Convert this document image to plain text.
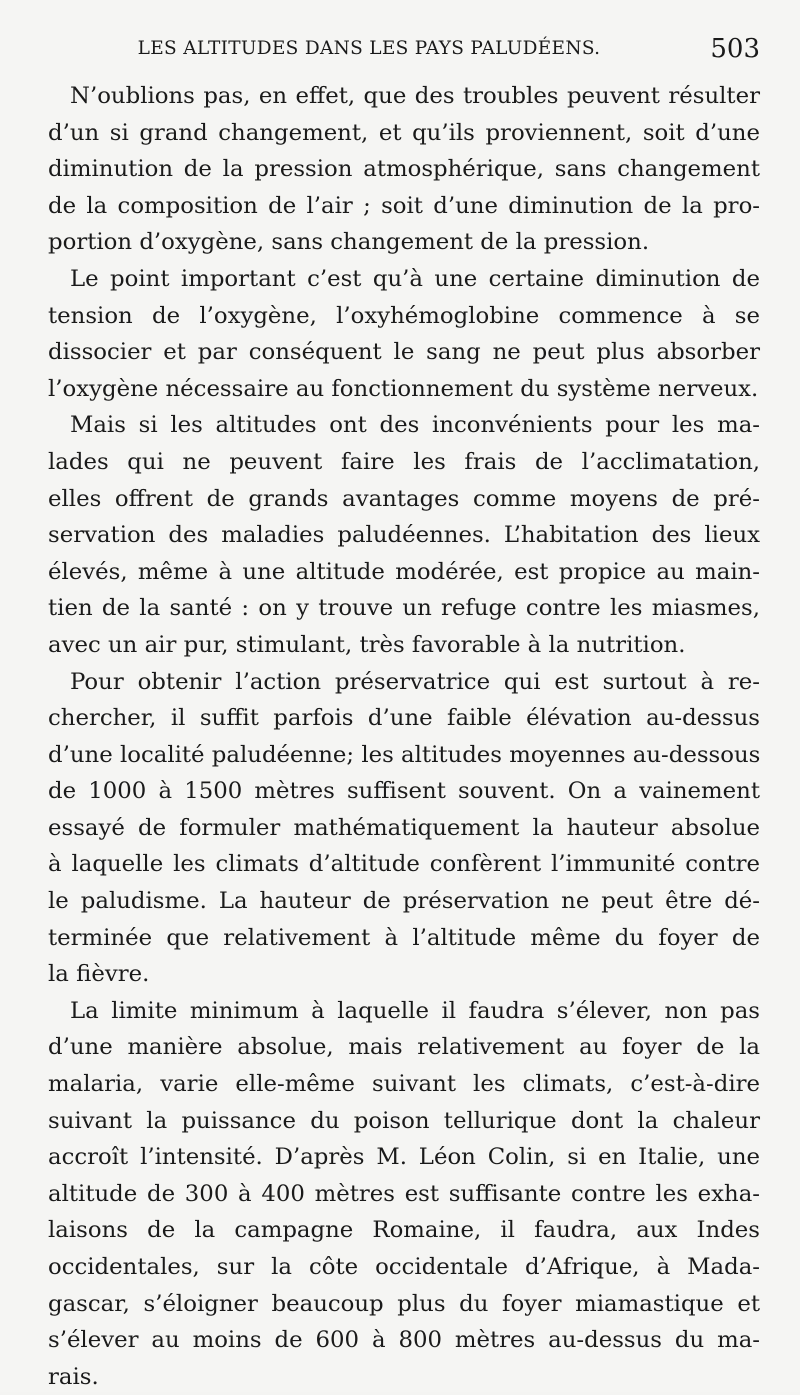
LES ALTITUDES DANS LES PAYS PALUDÉENS.	503
N’oublions pas, en effet, que des troubles peuvent résulter
d’un si grand changement, et qu’ils proviennent, soit d’une
diminution de la pression atmosphérique, sans changement
de la composition de l’air ; soit d’une diminution de la pro-
portion d’oxygène, sans changement de la pression.
Le point important c’est qu’à une certaine diminution de
tension de l’oxygène, l’oxyhémoglobine commence à se
dissocier et par conséquent le sang ne peut plus absorber
l’oxygène nécessaire au fonctionnement du système nerveux.
Mais si les altitudes ont des inconvénients pour les ma-
lades qui ne peuvent faire les frais de l’acclimatation,
elles offrent de grands avantages comme moyens de pré-
servation des maladies paludéennes. L’habitation des lieux
élevés, même à une altitude modérée, est propice au main-
tien de la santé : on y trouve un refuge contre les miasmes,
avec un air pur, stimulant, très favorable à la nutrition.
Pour obtenir l’action préservatrice qui est surtout à re-
chercher, il suffit parfois d’une faible élévation au-dessus
d’une localité paludéenne; les altitudes moyennes au-dessous
de 1000 à 1500 mètres suffisent souvent. On a vainement
essayé de formuler mathématiquement la hauteur absolue
à laquelle les climats d’altitude confèrent l’immunité contre
le paludisme. La hauteur de préservation ne peut être dé-
terminée que relativement à l’altitude même du foyer de
la fièvre.
La limite minimum à laquelle il faudra s’élever, non pas
d’une manière absolue, mais relativement au foyer de la
malaria, varie elle-même suivant les climats, c’est-à-dire
suivant la puissance du poison tellurique dont la chaleur
accroît l’intensité. D’après M. Léon Colin, si en Italie, une
altitude de 300 à 400 mètres est suffisante contre les exha-
laisons de la campagne Romaine, il faudra, aux Indes
occidentales, sur la côte occidentale d’Afrique, à Mada-
gascar, s’éloigner beaucoup plus du foyer miamastique et
s’élever au moins de 600 à 800 mètres au-dessus du ma-
rais.
